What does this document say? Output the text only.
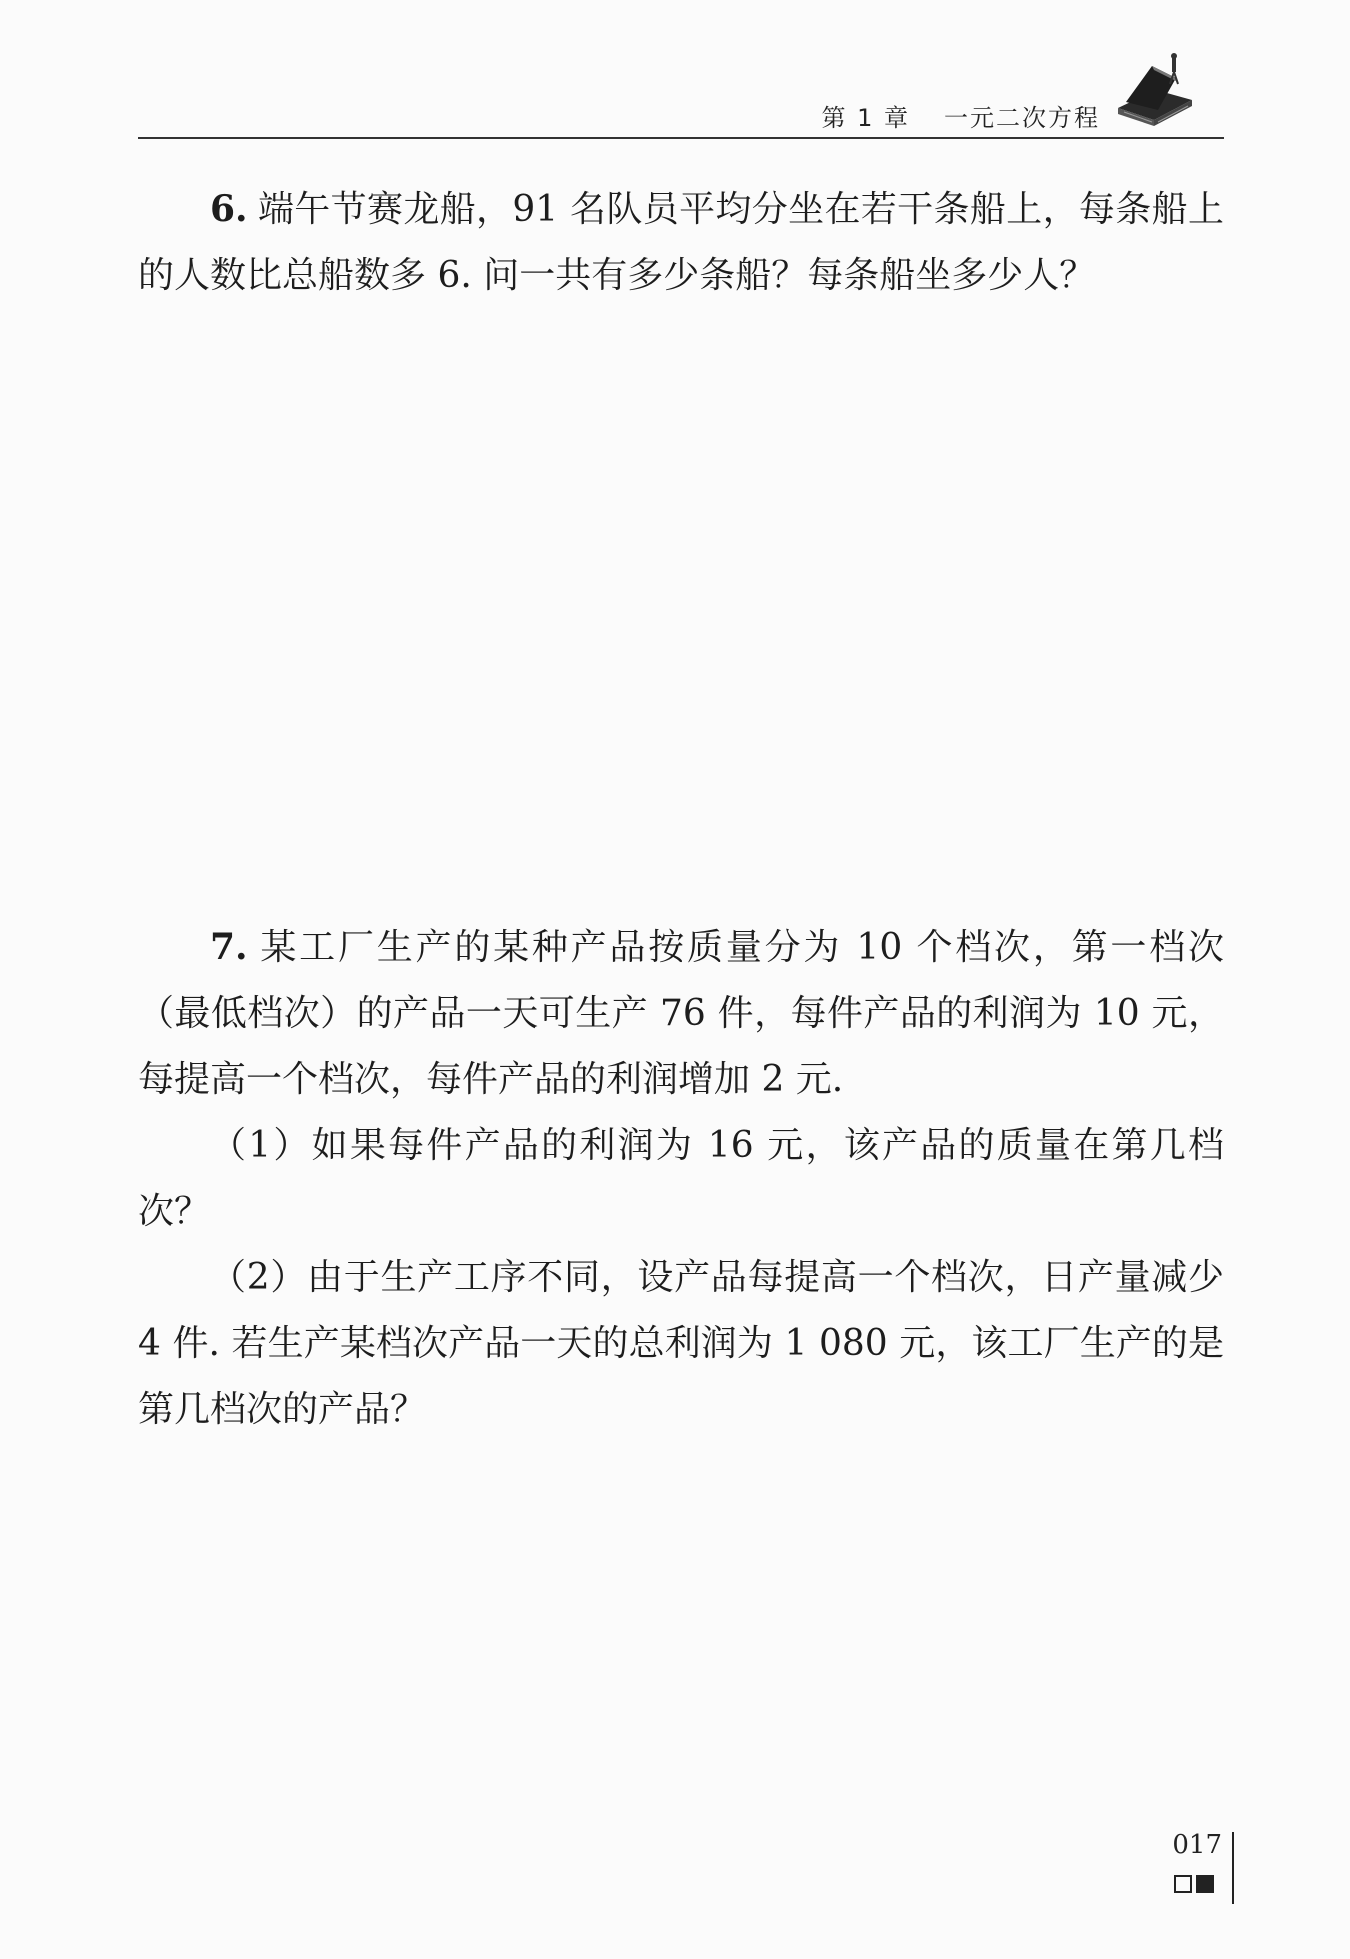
第 1 章 一元二次方程

6. 端午节赛龙船，91 名队员平均分坐在若干条船上，每条船上的人数比总船数多 6. 问一共有多少条船？每条船坐多少人？

7. 某工厂生产的某种产品按质量分为 10 个档次，第一档次（最低档次）的产品一天可生产 76 件，每件产品的利润为 10 元，每提高一个档次，每件产品的利润增加 2 元.

（1）如果每件产品的利润为 16 元，该产品的质量在第几档次？

（2）由于生产工序不同，设产品每提高一个档次，日产量减少 4 件. 若生产某档次产品一天的总利润为 1 080 元，该工厂生产的是第几档次的产品？

017
